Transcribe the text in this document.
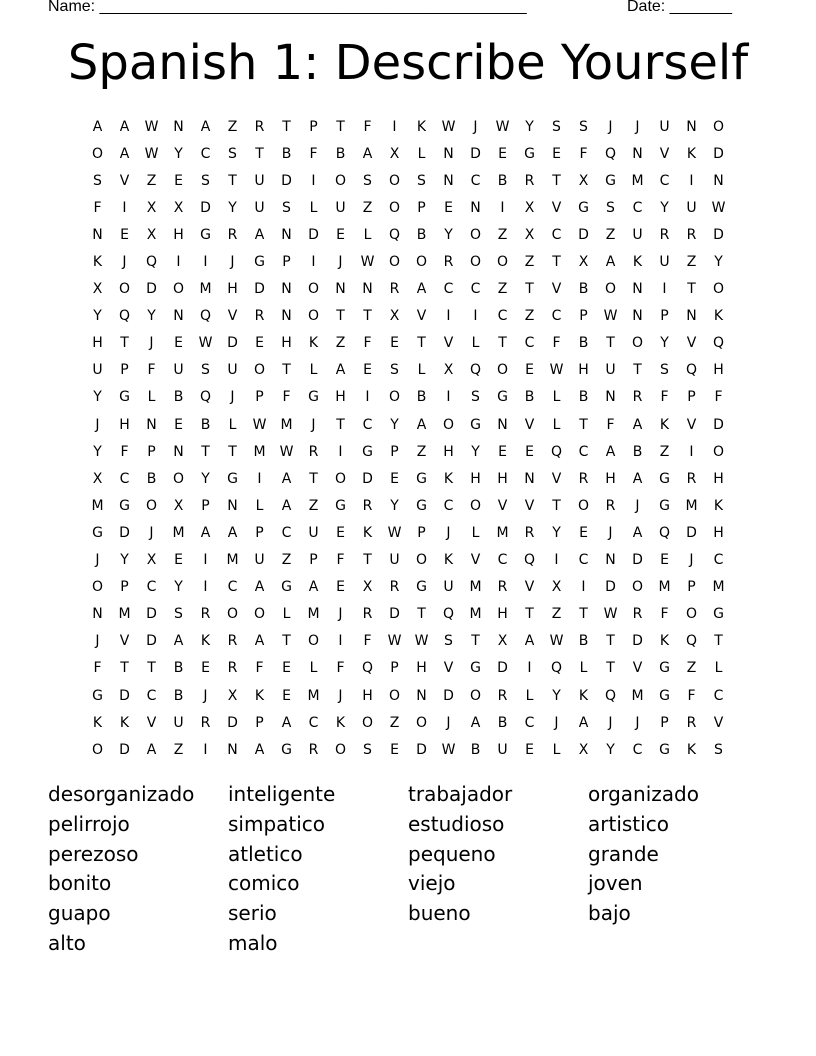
Name: ________________________________________________	Date: _______
Spanish 1: Describe Yourself
A	A	W	N	A	Z	R	T	P	T	F	I	K	W	J	W	Y	S	S	J	J	U	N	O
O	A	W	Y	C	S	T	B	F	B	A	X	L	N	D	E	G	E	F	Q	N	V	K	D
S	V	Z	E	S	T	U	D	I	O	S	O	S	N	C	B	R	T	X	G	M	C	I	N
F	I	X	X	D	Y	U	S	L	U	Z	O	P	E	N	I	X	V	G	S	C	Y	U	W
N	E	X	H	G	R	A	N	D	E	L	Q	B	Y	O	Z	X	C	D	Z	U	R	R	D
K	J	Q	I	I	J	G	P	I	J	W	O	O	R	O	O	Z	T	X	A	K	U	Z	Y
X	O	D	O	M	H	D	N	O	N	N	R	A	C	C	Z	T	V	B	O	N	I	T	O
Y	Q	Y	N	Q	V	R	N	O	T	T	X	V	I	I	C	Z	C	P	W	N	P	N	K
H	T	J	E	W	D	E	H	K	Z	F	E	T	V	L	T	C	F	B	T	O	Y	V	Q
U	P	F	U	S	U	O	T	L	A	E	S	L	X	Q	O	E	W	H	U	T	S	Q	H
Y	G	L	B	Q	J	P	F	G	H	I	O	B	I	S	G	B	L	B	N	R	F	P	F
J	H	N	E	B	L	W	M	J	T	C	Y	A	O	G	N	V	L	T	F	A	K	V	D
Y	F	P	N	T	T	M	W	R	I	G	P	Z	H	Y	E	E	Q	C	A	B	Z	I	O
X	C	B	O	Y	G	I	A	T	O	D	E	G	K	H	H	N	V	R	H	A	G	R	H
M	G	O	X	P	N	L	A	Z	G	R	Y	G	C	O	V	V	T	O	R	J	G	M	K
G	D	J	M	A	A	P	C	U	E	K	W	P	J	L	M	R	Y	E	J	A	Q	D	H
J	Y	X	E	I	M	U	Z	P	F	T	U	O	K	V	C	Q	I	C	N	D	E	J	C
O	P	C	Y	I	C	A	G	A	E	X	R	G	U	M	R	V	X	I	D	O	M	P	M
N	M	D	S	R	O	O	L	M	J	R	D	T	Q	M	H	T	Z	T	W	R	F	O	G
J	V	D	A	K	R	A	T	O	I	F	W W	S	T	X	A	W	B	T	D	K	Q	T
F	T	T	B	E	R	F	E	L	F	Q	P	H	V	G	D	I	Q	L	T	V	G	Z	L
G	D	C	B	J	X	K	E	M	J	H	O	N	D	O	R	L	Y	K	Q	M	G	F	C
K	K	V	U	R	D	P	A	C	K	O	Z	O	J	A	B	C	J	A	J	J	P	R	V
O	D	A	Z	I	N	A	G	R	O	S	E	D	W	B	U	E	L	X	Y	C	G	K	S
desorganizado	inteligente	trabajador	organizado
pelirrojo	simpatico	estudioso	artistico
perezoso	atletico	pequeno	grande
bonito	comico	viejo	joven
guapo	serio	bueno	bajo
alto	malo
